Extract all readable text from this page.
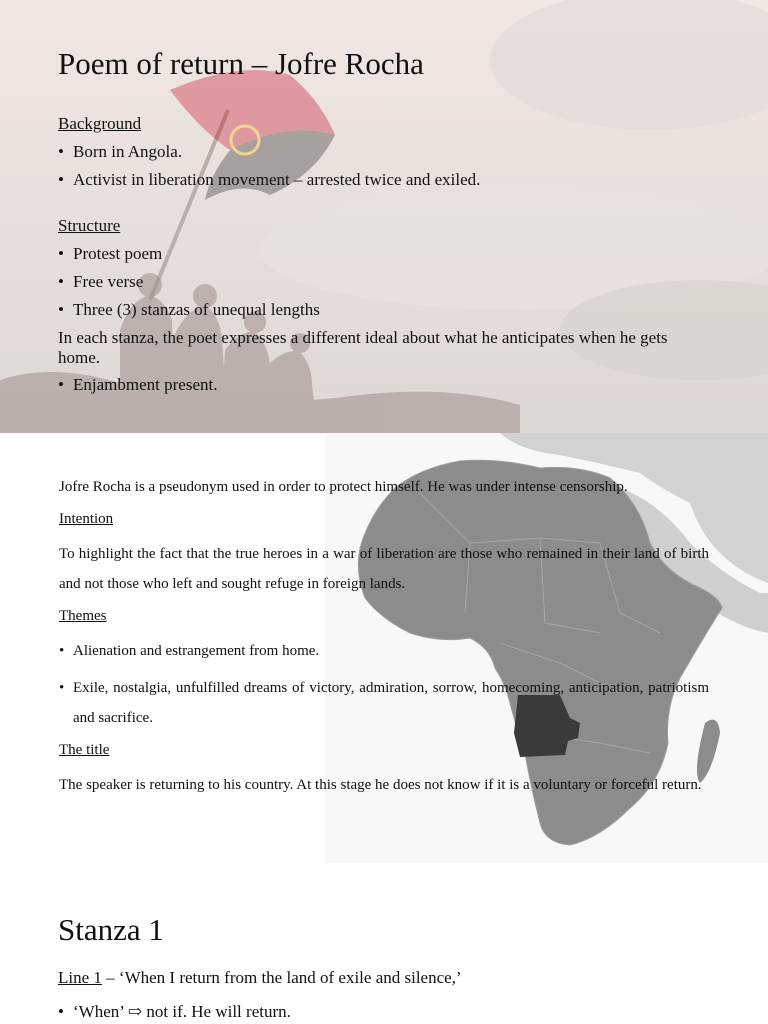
Poem of return – Jofre Rocha
Background
• Born in Angola.
• Activist in liberation movement – arrested twice and exiled.
Structure
• Protest poem
• Free verse
• Three (3) stanzas of unequal lengths
In each stanza, the poet expresses a different ideal about what he anticipates when he gets home.
• Enjambment present.

Jofre Rocha is a pseudonym used in order to protect himself. He was under intense censorship.

Intention

To highlight the fact that the true heroes in a war of liberation are those who remained in their land of birth and not those who left and sought refuge in foreign lands.

Themes

• Alienation and estrangement from home.

• Exile, nostalgia, unfulfilled dreams of victory, admiration, sorrow, homecoming, anticipation, patriotism and sacrifice.

The title

The speaker is returning to his country. At this stage he does not know if it is a voluntary or forceful return.

Stanza 1
Line 1 – ‘When I return from the land of exile and silence,’
• ‘When’ ⇨ not if. He will return.
